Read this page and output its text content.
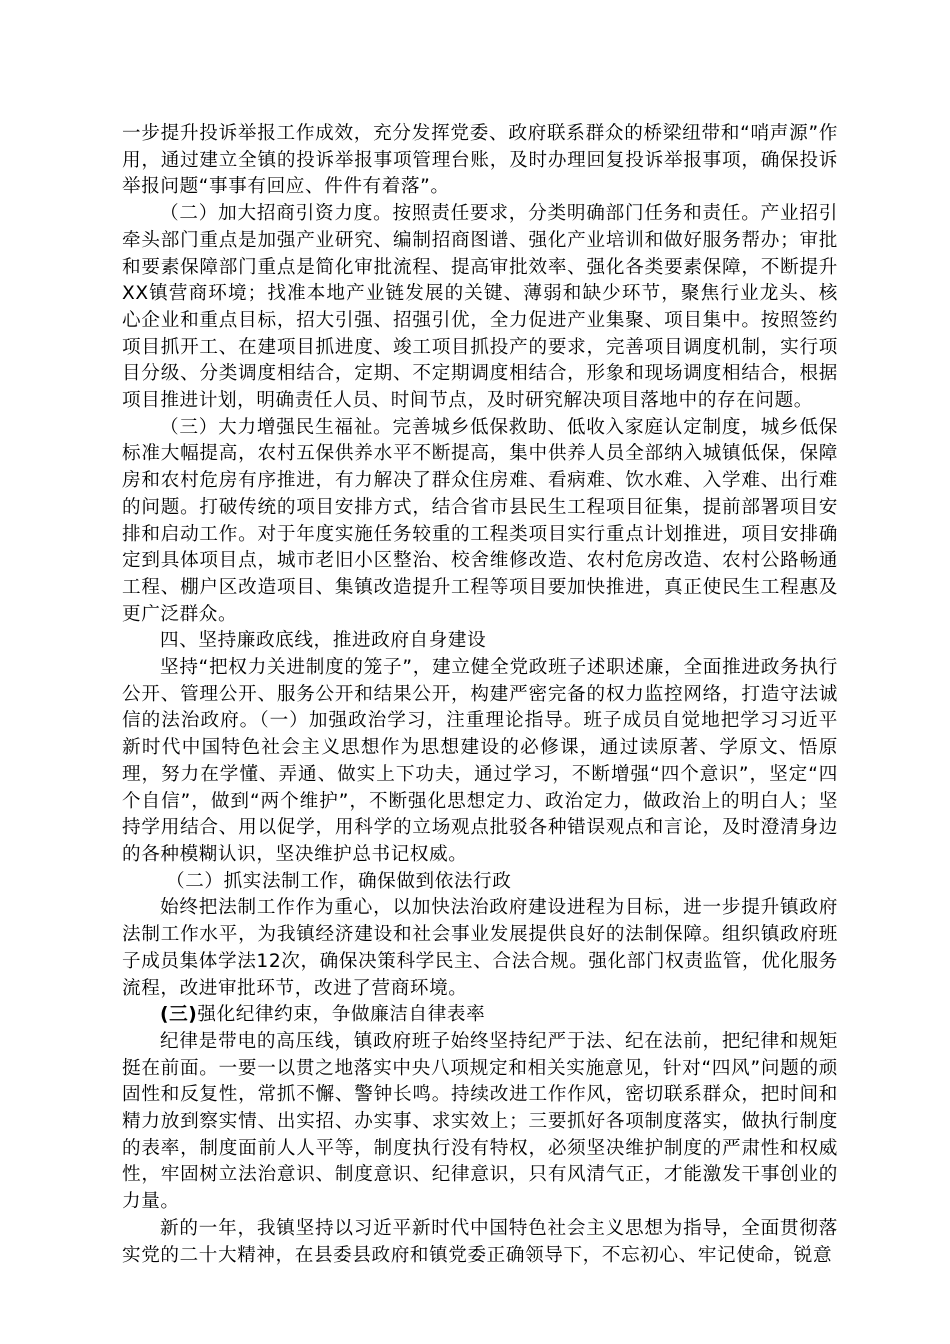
一步提升投诉举报工作成效，充分发挥党委、政府联系群众的桥梁纽带和“哨声源”作用，通过建立全镇的投诉举报事项管理台账，及时办理回复投诉举报事项，确保投诉举报问题“事事有回应、件件有着落”。

（二）加大招商引资力度。按照责任要求，分类明确部门任务和责任。产业招引牵头部门重点是加强产业研究、编制招商图谱、强化产业培训和做好服务帮办；审批和要素保障部门重点是简化审批流程、提高审批效率、强化各类要素保障，不断提升XX镇营商环境；找准本地产业链发展的关键、薄弱和缺少环节，聚焦行业龙头、核心企业和重点目标，招大引强、招强引优，全力促进产业集聚、项目集中。按照签约项目抓开工、在建项目抓进度、竣工项目抓投产的要求，完善项目调度机制，实行项目分级、分类调度相结合，定期、不定期调度相结合，形象和现场调度相结合，根据项目推进计划，明确责任人员、时间节点，及时研究解决项目落地中的存在问题。

（三）大力增强民生福祉。完善城乡低保救助、低收入家庭认定制度，城乡低保标准大幅提高，农村五保供养水平不断提高，集中供养人员全部纳入城镇低保，保障房和农村危房有序推进，有力解决了群众住房难、看病难、饮水难、入学难、出行难的问题。打破传统的项目安排方式，结合省市县民生工程项目征集，提前部署项目安排和启动工作。对于年度实施任务较重的工程类项目实行重点计划推进，项目安排确定到具体项目点，城市老旧小区整治、校舍维修改造、农村危房改造、农村公路畅通工程、棚户区改造项目、集镇改造提升工程等项目要加快推进，真正使民生工程惠及更广泛群众。

四、坚持廉政底线，推进政府自身建设

坚持“把权力关进制度的笼子”，建立健全党政班子述职述廉，全面推进政务执行公开、管理公开、服务公开和结果公开，构建严密完备的权力监控网络，打造守法诚信的法治政府。（一）加强政治学习，注重理论指导。班子成员自觉地把学习习近平新时代中国特色社会主义思想作为思想建设的必修课，通过读原著、学原文、悟原理，努力在学懂、弄通、做实上下功夫，通过学习，不断增强“四个意识”，坚定“四个自信”，做到“两个维护”，不断强化思想定力、政治定力，做政治上的明白人；坚持学用结合、用以促学，用科学的立场观点批驳各种错误观点和言论，及时澄清身边的各种模糊认识，坚决维护总书记权威。

（二）抓实法制工作，确保做到依法行政

始终把法制工作作为重心，以加快法治政府建设进程为目标，进一步提升镇政府法制工作水平，为我镇经济建设和社会事业发展提供良好的法制保障。组织镇政府班子成员集体学法12次，确保决策科学民主、合法合规。强化部门权责监管，优化服务流程，改进审批环节，改进了营商环境。

(三)强化纪律约束，争做廉洁自律表率

纪律是带电的高压线，镇政府班子始终坚持纪严于法、纪在法前，把纪律和规矩挺在前面。一要一以贯之地落实中央八项规定和相关实施意见，针对“四风”问题的顽固性和反复性，常抓不懈、警钟长鸣。持续改进工作作风，密切联系群众，把时间和精力放到察实情、出实招、办实事、求实效上；三要抓好各项制度落实，做执行制度的表率，制度面前人人平等，制度执行没有特权，必须坚决维护制度的严肃性和权威性，牢固树立法治意识、制度意识、纪律意识，只有风清气正，才能激发干事创业的力量。

新的一年，我镇坚持以习近平新时代中国特色社会主义思想为指导，全面贯彻落实党的二十大精神，在县委县政府和镇党委正确领导下，不忘初心、牢记使命，锐意
